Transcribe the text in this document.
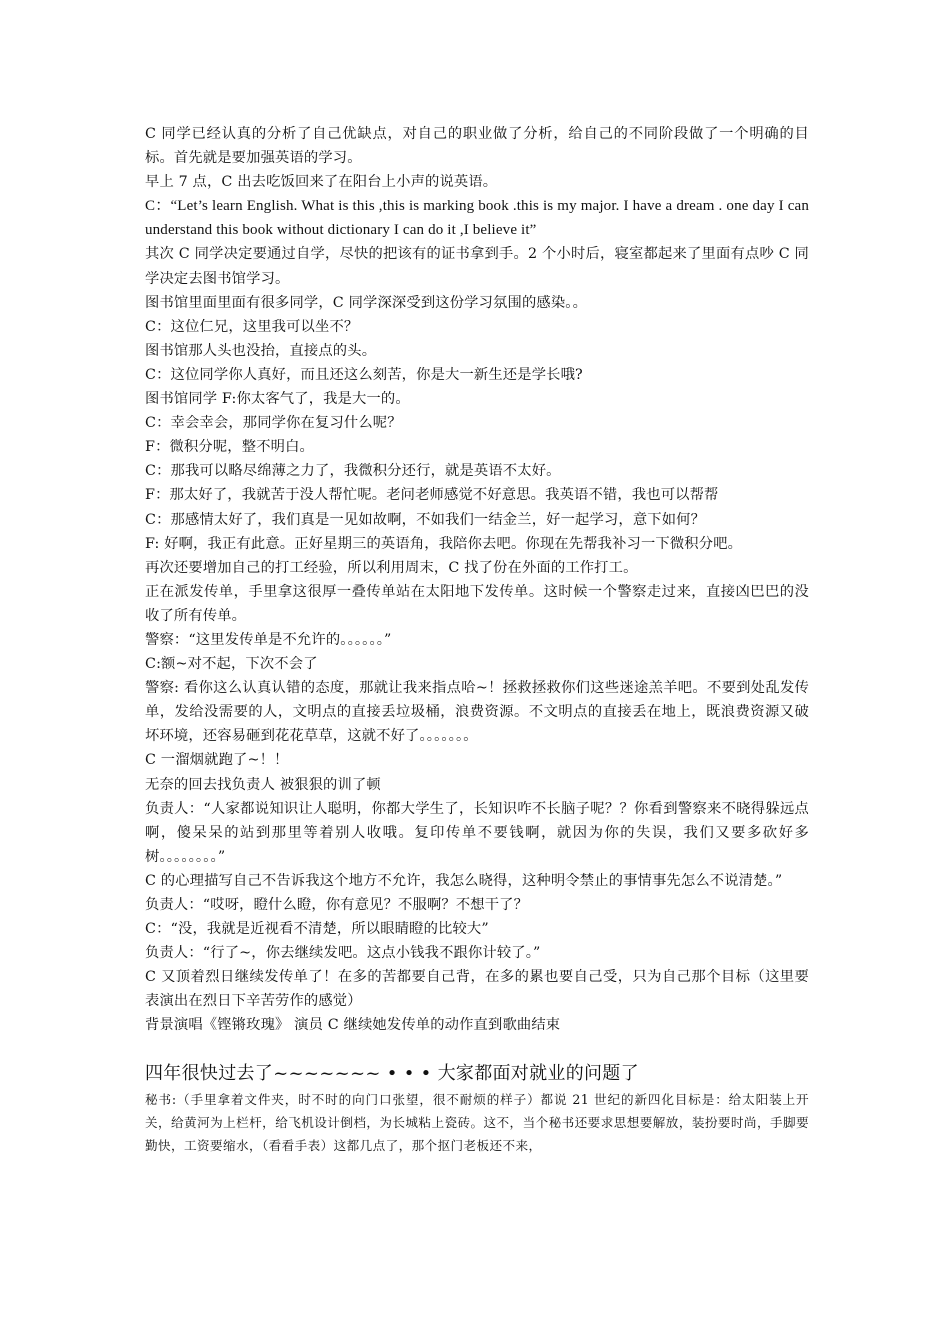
C 同学已经认真的分析了自己优缺点，对自己的职业做了分析，给自己的不同阶段做了一个明确的目标。首先就是要加强英语的学习。

早上 7 点，C 出去吃饭回来了在阳台上小声的说英语。

C：“Let’s learn English. What is this ,this is marking book .this is my major. I have a dream . one day I can understand this book without dictionary I can do it ,I believe it”

其次 C 同学决定要通过自学，尽快的把该有的证书拿到手。2 个小时后，寝室都起来了里面有点吵 C 同学决定去图书馆学习。

图书馆里面里面有很多同学，C 同学深深受到这份学习氛围的感染。。

C：这位仁兄，这里我可以坐不？

图书馆那人头也没抬，直接点的头。

C：这位同学你人真好，而且还这么刻苦，你是大一新生还是学长哦?

图书馆同学 F:你太客气了，我是大一的。

C：幸会幸会，那同学你在复习什么呢？

F：微积分呢，整不明白。

C：那我可以略尽绵薄之力了，我微积分还行，就是英语不太好。

F：那太好了，我就苦于没人帮忙呢。老问老师感觉不好意思。我英语不错，我也可以帮帮

C：那感情太好了，我们真是一见如故啊，不如我们一结金兰，好一起学习，意下如何？

F: 好啊，我正有此意。正好星期三的英语角，我陪你去吧。你现在先帮我补习一下微积分吧。

再次还要增加自己的打工经验，所以利用周末，C 找了份在外面的工作打工。

正在派发传单，手里拿这很厚一叠传单站在太阳地下发传单。这时候一个警察走过来，直接凶巴巴的没收了所有传单。

警察：“这里发传单是不允许的。。。。。。”

C:额~对不起，下次不会了

警察: 看你这么认真认错的态度，那就让我来指点哈~！拯救拯救你们这些迷途羔羊吧。不要到处乱发传单，发给没需要的人，文明点的直接丢垃圾桶，浪费资源。不文明点的直接丢在地上，既浪费资源又破坏环境，还容易砸到花花草草，这就不好了。。。。。。。

C 一溜烟就跑了~！！

无奈的回去找负责人 被狠狠的训了顿

负责人：“人家都说知识让人聪明，你都大学生了，长知识咋不长脑子呢？？你看到警察来不晓得躲远点啊，傻呆呆的站到那里等着别人收哦。复印传单不要钱啊，就因为你的失误，我们又要多砍好多树。。。。。。。。”

C 的心理描写自己不告诉我这个地方不允许，我怎么晓得，这种明令禁止的事情事先怎么不说清楚。”

负责人：“哎呀，瞪什么瞪，你有意见？不服啊？不想干了？

C：“没，我就是近视看不清楚，所以眼睛瞪的比较大”

负责人：“行了~，你去继续发吧。这点小钱我不跟你计较了。”

C 又顶着烈日继续发传单了！在多的苦都要自己背，在多的累也要自己受，只为自己那个目标（这里要表演出在烈日下辛苦劳作的感觉）

背景演唱《铿锵玫瑰》 演员 C 继续她发传单的动作直到歌曲结束

四年很快过去了~~~~~~~ • • • 大家都面对就业的问题了

秘书:（手里拿着文件夹，时不时的向门口张望，很不耐烦的样子）都说 21 世纪的新四化目标是：给太阳装上开关，给黄河为上栏杆，给飞机设计倒档，为长城粘上瓷砖。这不，当个秘书还要求思想要解放，装扮要时尚，手脚要勤快，工资要缩水，（看看手表）这都几点了，那个抠门老板还不来，
